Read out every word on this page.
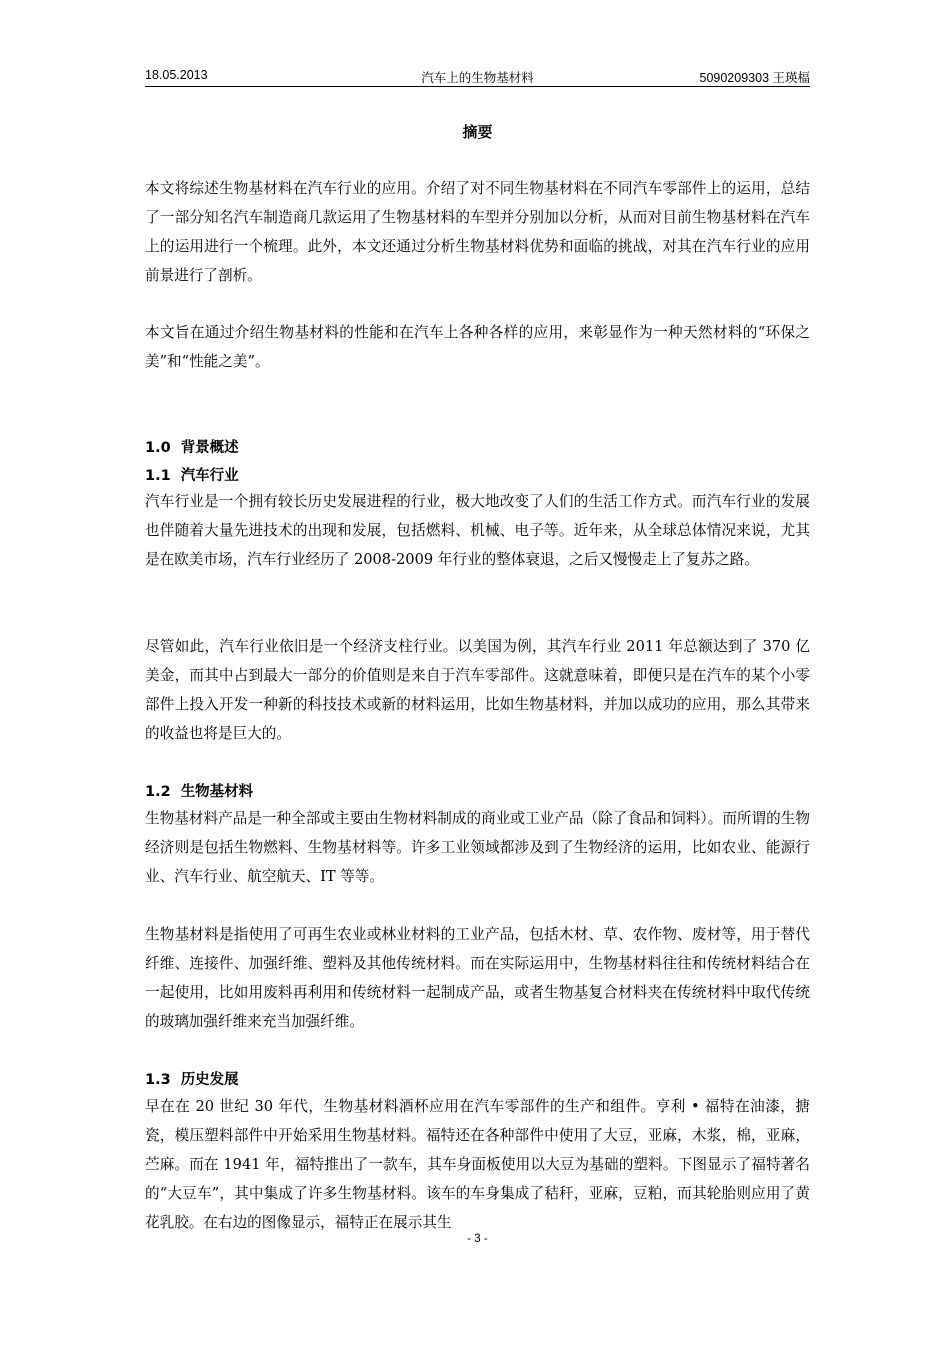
18.05.2013	汽车上的生物基材料	5090209303 王瑛楅
摘要

本文将综述生物基材料在汽车行业的应用。介绍了对不同生物基材料在不同汽车零部件上的运用，总结了一部分知名汽车制造商几款运用了生物基材料的车型并分别加以分析，从而对目前生物基材料在汽车上的运用进行一个梳理。此外，本文还通过分析生物基材料优势和面临的挑战，对其在汽车行业的应用前景进行了剖析。

本文旨在通过介绍生物基材料的性能和在汽车上各种各样的应用，来彰显作为一种天然材料的“环保之美”和“性能之美”。

1.0 背景概述
1.1 汽车行业

汽车行业是一个拥有较长历史发展进程的行业，极大地改变了人们的生活工作方式。而汽车行业的发展也伴随着大量先进技术的出现和发展，包括燃料、机械、电子等。近年来，从全球总体情况来说，尤其是在欧美市场，汽车行业经历了 2008-2009 年行业的整体衰退，之后又慢慢走上了复苏之路。

尽管如此，汽车行业依旧是一个经济支柱行业。以美国为例，其汽车行业 2011 年总额达到了 370 亿美金，而其中占到最大一部分的价值则是来自于汽车零部件。这就意味着，即便只是在汽车的某个小零部件上投入开发一种新的科技技术或新的材料运用，比如生物基材料，并加以成功的应用，那么其带来的收益也将是巨大的。

1.2 生物基材料

生物基材料产品是一种全部或主要由生物材料制成的商业或工业产品（除了食品和饲料）。而所谓的生物经济则是包括生物燃料、生物基材料等。许多工业领域都涉及到了生物经济的运用，比如农业、能源行业、汽车行业、航空航天、IT 等等。

生物基材料是指使用了可再生农业或林业材料的工业产品，包括木材、草、农作物、废材等，用于替代纤维、连接件、加强纤维、塑料及其他传统材料。而在实际运用中，生物基材料往往和传统材料结合在一起使用，比如用废料再利用和传统材料一起制成产品，或者生物基复合材料夹在传统材料中取代传统的玻璃加强纤维来充当加强纤维。

1.3 历史发展

早在在 20 世纪 30 年代，生物基材料酒杯应用在汽车零部件的生产和组件。亨利 • 福特在油漆，搪瓷，模压塑料部件中开始采用生物基材料。福特还在各种部件中使用了大豆，亚麻，木浆，棉，亚麻，苎麻。而在 1941 年，福特推出了一款车，其车身面板使用以大豆为基础的塑料。下图显示了福特著名的“大豆车”，其中集成了许多生物基材料。该车的车身集成了秸秆，亚麻，豆粕，而其轮胎则应用了黄花乳胶。在右边的图像显示，福特正在展示其生

- 3 -
